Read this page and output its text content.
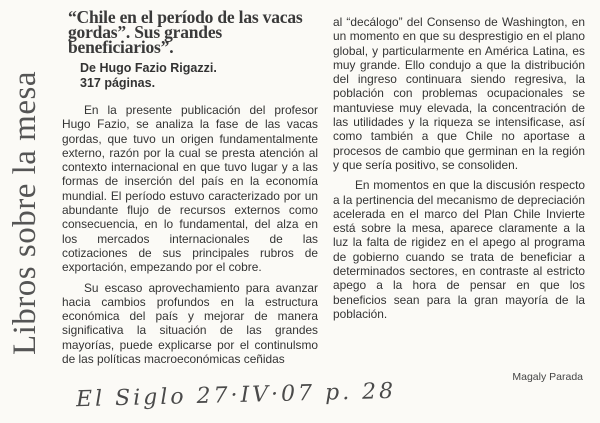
Libros sobre la mesa
“Chile en el período de las vacas gordas”. Sus grandes beneficiarios”.
De Hugo Fazio Rigazzi.
317 páginas.

En la presente publicación del profesor Hugo Fazio, se analiza la fase de las vacas gordas, que tuvo un origen fundamentalmente externo, razón por la cual se presta atención al contexto internacional en que tuvo lugar y a las formas de inserción del país en la economía mundial. El período estuvo caracterizado por un abundante flujo de recursos externos como consecuencia, en lo fundamental, del alza en los mercados internacionales de las cotizaciones de sus principales rubros de exportación, empezando por el cobre.

Su escaso aprovechamiento para avanzar hacia cambios profundos en la estructura económica del país y mejorar de manera significativa la situación de las grandes mayorías, puede explicarse por el continulsmo de las políticas macroeconómicas ceñidas

al “decálogo” del Consenso de Washington, en un momento en que su desprestigio en el plano global, y particularmente en América Latina, es muy grande. Ello condujo a que la distribución del ingreso continuara siendo regresiva, la población con problemas ocupacionales se mantuviese muy elevada, la concentración de las utilidades y la riqueza se intensificase, así como también a que Chile no aportase a procesos de cambio que germinan en la región y que sería positivo, se consoliden.

En momentos en que la discusión respecto a la pertinencia del mecanismo de depreciación acelerada en el marco del Plan Chile Invierte está sobre la mesa, aparece claramente a la luz la falta de rigidez en el apego al programa de gobierno cuando se trata de beneficiar a determinados sectores, en contraste al estricto apego a la hora de pensar en que los beneficios sean para la gran mayoría de la población.

Magaly Parada
El Siglo 27·IV·07 p. 28
